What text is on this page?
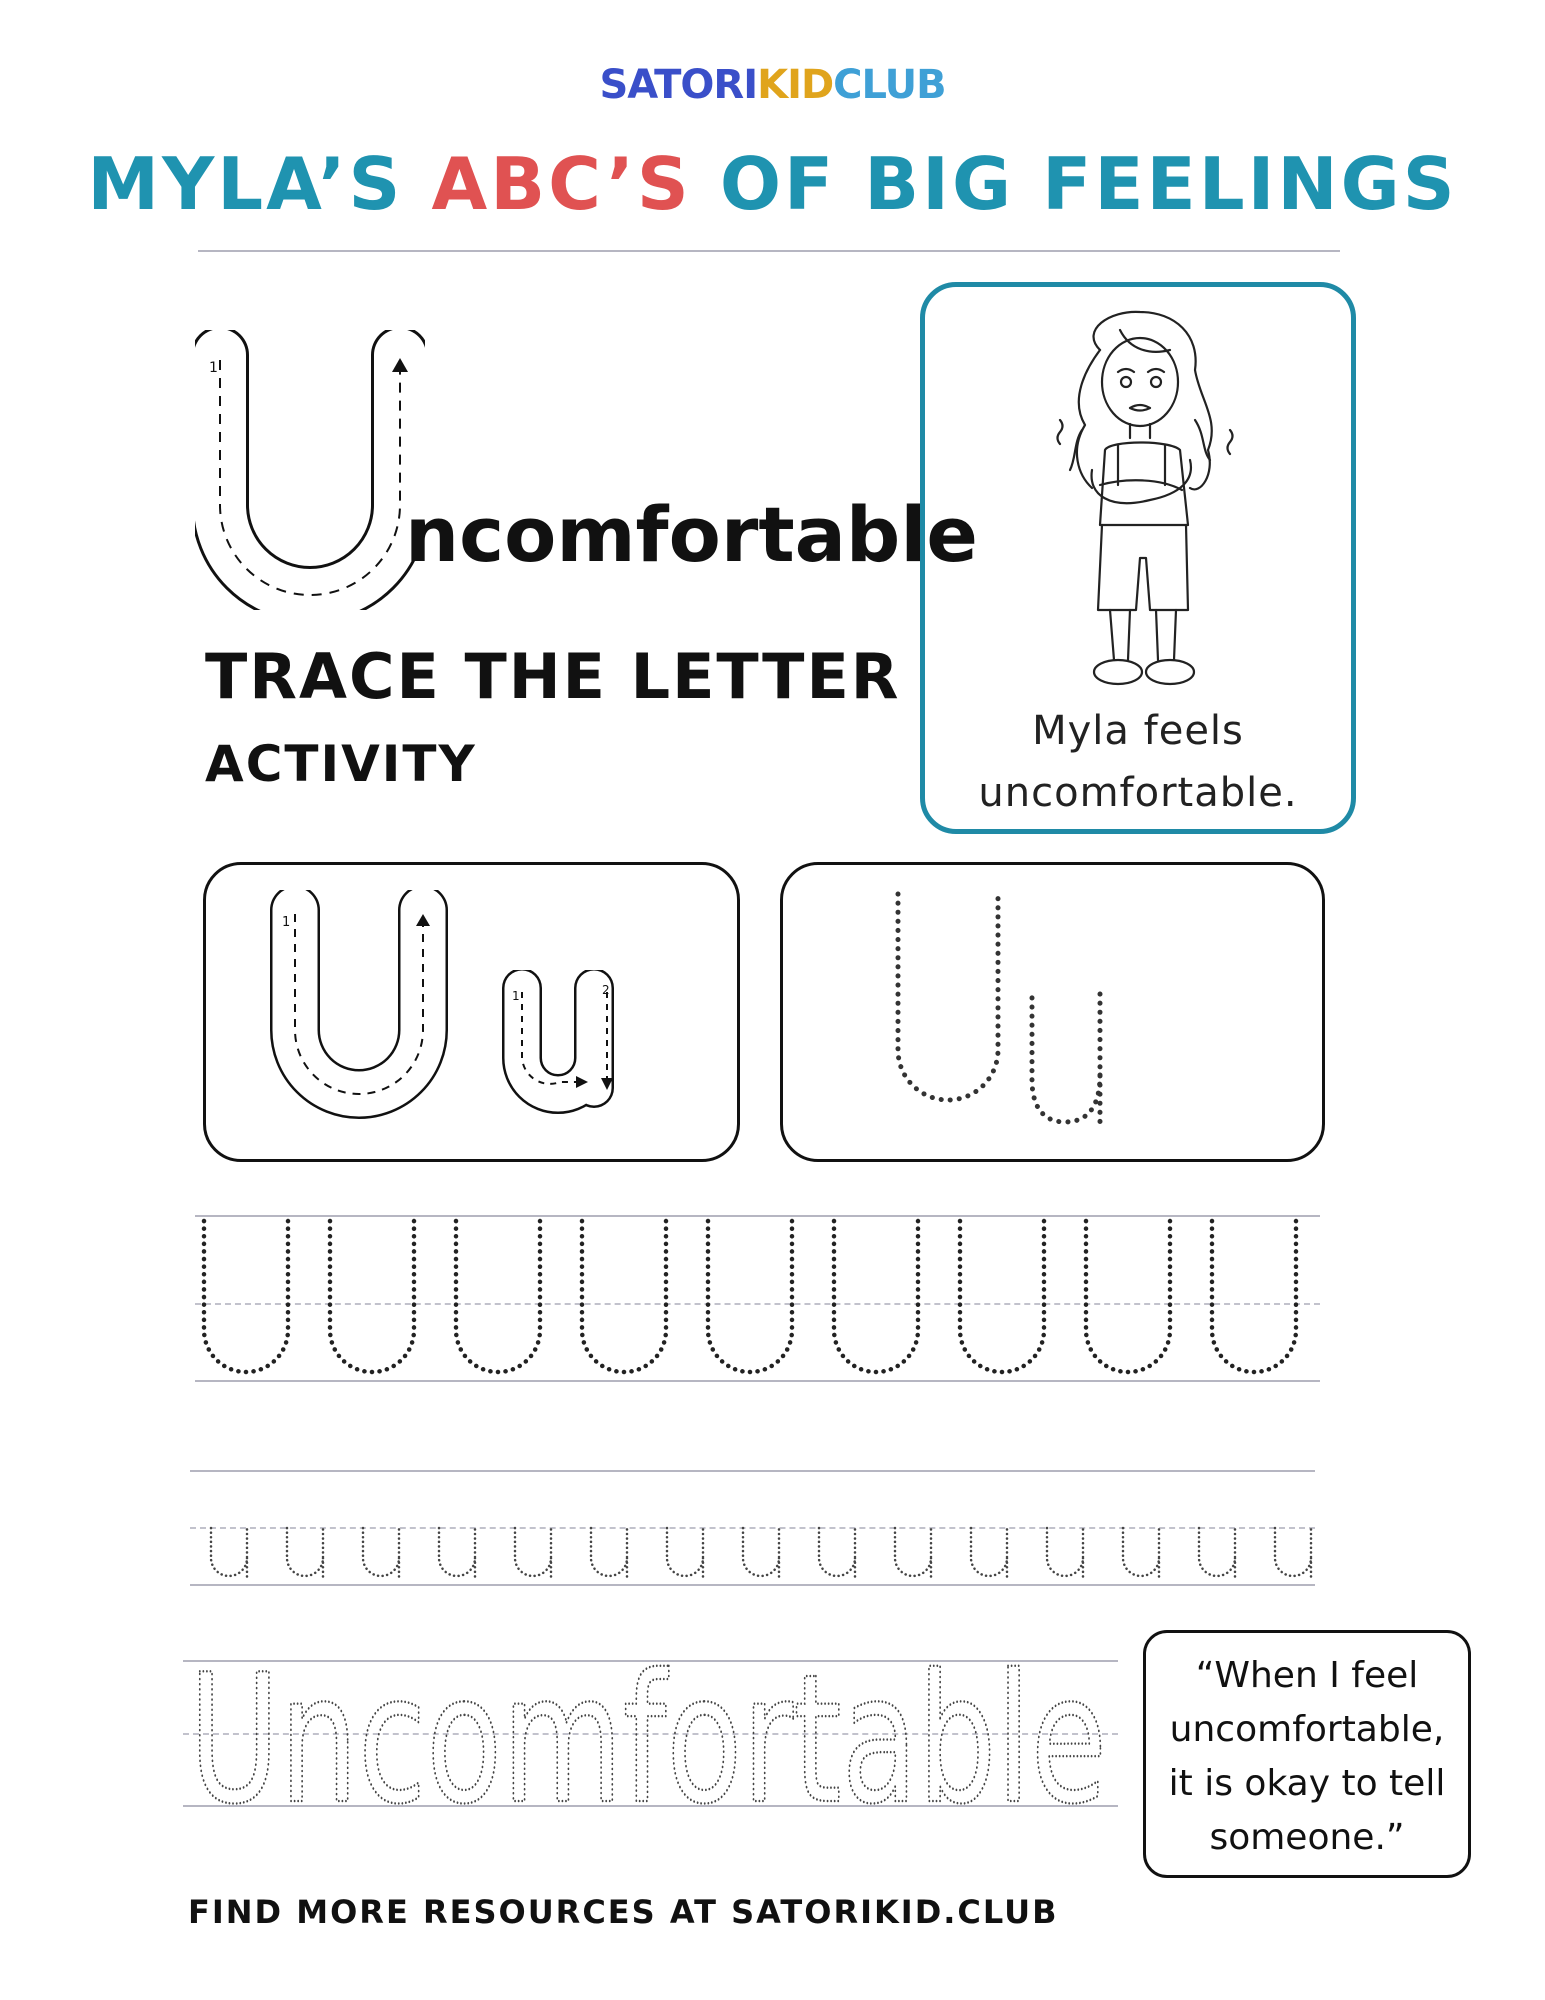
SATORIKIDCLUB
MYLA’S ABC’S OF BIG FEELINGS
1
ncomfortable
TRACE THE LETTER
ACTIVITY
Myla feels
uncomfortable.
1
1	2
Uncomfortable	“When I feel
uncomfortable,
it is okay to tell
someone.”
FIND MORE RESOURCES AT SATORIKID.CLUB
